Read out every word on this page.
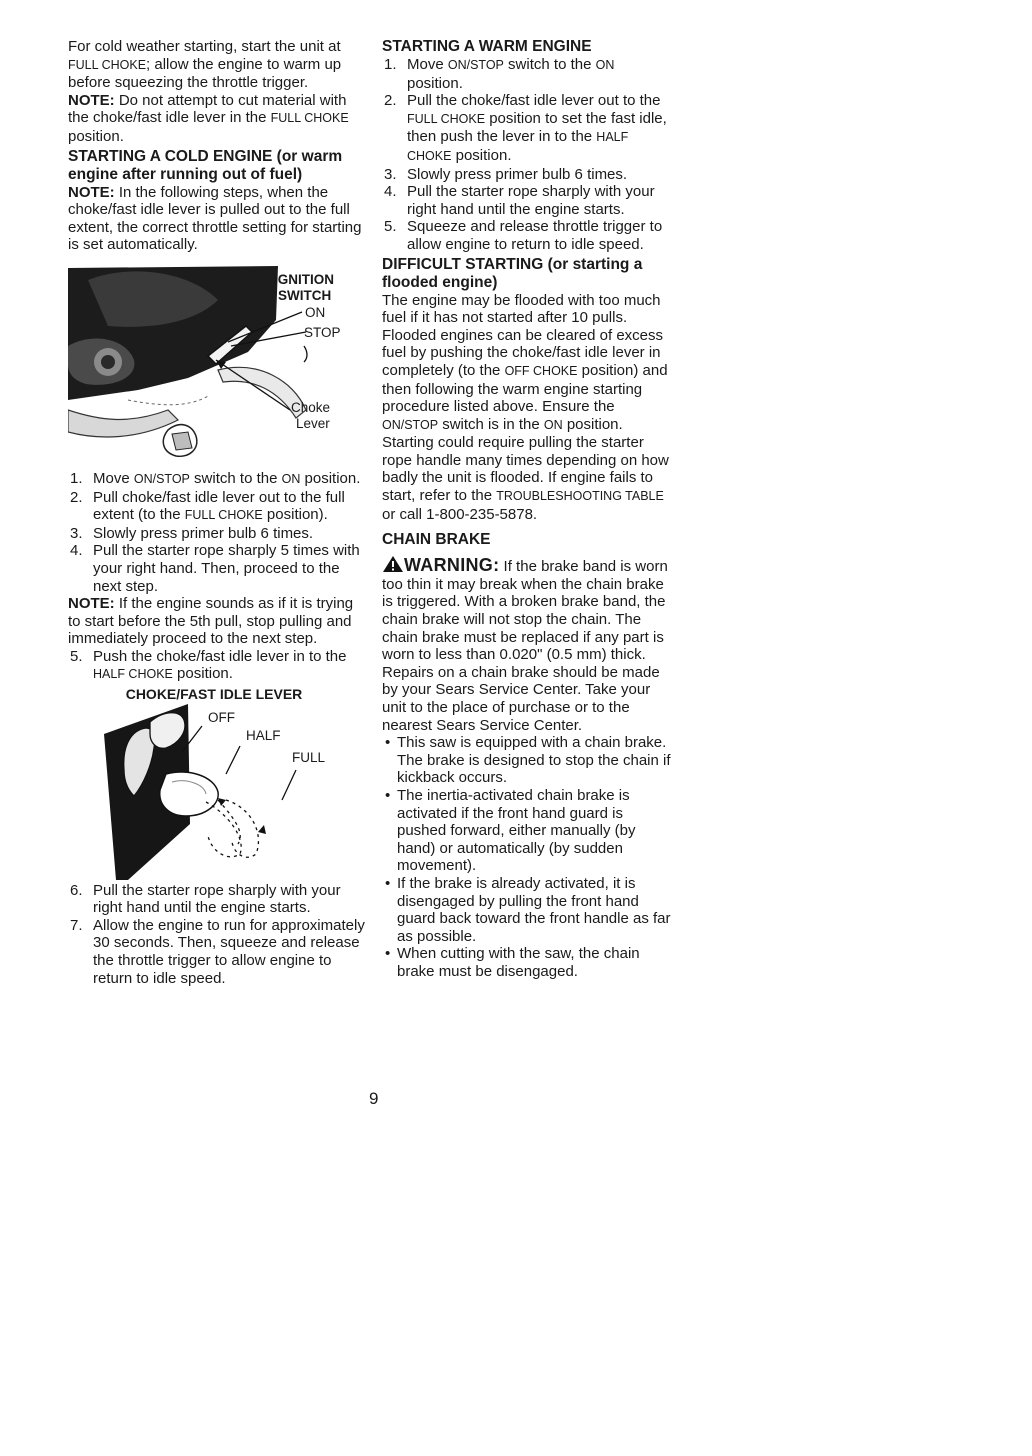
For cold weather starting, start the unit at FULL CHOKE; allow the engine to warm up before squeezing the throttle trigger.

NOTE: Do not attempt to cut material with the choke/fast idle lever in the FULL CHOKE position.

STARTING A COLD ENGINE (or warm engine after running out of fuel)

NOTE: In the following steps, when the choke/fast idle lever is pulled out to the full extent, the correct throttle setting for starting is set automatically.

IGNITION
SWITCH
ON
STOP
Choke
Lever
1. Move ON/STOP switch to the ON position.
2. Pull choke/fast idle lever out to the full extent (to the FULL CHOKE position).
3. Slowly press primer bulb 6 times.
4. Pull the starter rope sharply 5 times with your right hand. Then, proceed to the next step.

NOTE: If the engine sounds as if it is trying to start before the 5th pull, stop pulling and immediately proceed to the next step.

5. Push the choke/fast idle lever in to the HALF CHOKE position.

CHOKE/FAST IDLE LEVER

OFF
HALF
FULL
6. Pull the starter rope sharply with your right hand until the engine starts.
7. Allow the engine to run for approximately 30 seconds. Then, squeeze and release the throttle trigger to allow engine to return to idle speed.

STARTING A WARM ENGINE

1. Move ON/STOP switch to the ON position.
2. Pull the choke/fast idle lever out to the FULL CHOKE position to set the fast idle, then push the lever in to the HALF CHOKE position.
3. Slowly press primer bulb 6 times.
4. Pull the starter rope sharply with your right hand until the engine starts.
5. Squeeze and release throttle trigger to allow engine to return to idle speed.

DIFFICULT STARTING (or starting a flooded engine)

The engine may be flooded with too much fuel if it has not started after 10 pulls.

Flooded engines can be cleared of excess fuel by pushing the choke/fast idle lever in completely (to the OFF CHOKE position) and then following the warm engine starting procedure listed above. Ensure the ON/STOP switch is in the ON position.

Starting could require pulling the starter rope handle many times depending on how badly the unit is flooded. If engine fails to start, refer to the TROUBLESHOOTING TABLE or call 1-800-235-5878.

CHAIN BRAKE

WARNING: If the brake band is worn too thin it may break when the chain brake is triggered. With a broken brake band, the chain brake will not stop the chain. The chain brake must be replaced if any part is worn to less than 0.020" (0.5 mm) thick. Repairs on a chain brake should be made by your Sears Service Center. Take your unit to the place of purchase or to the nearest Sears Service Center.

• This saw is equipped with a chain brake. The brake is designed to stop the chain if kickback occurs.
• The inertia-activated chain brake is activated if the front hand guard is pushed forward, either manually (by hand) or automatically (by sudden movement).
• If the brake is already activated, it is disengaged by pulling the front hand guard back toward the front handle as far as possible.
• When cutting with the saw, the chain brake must be disengaged.
9
